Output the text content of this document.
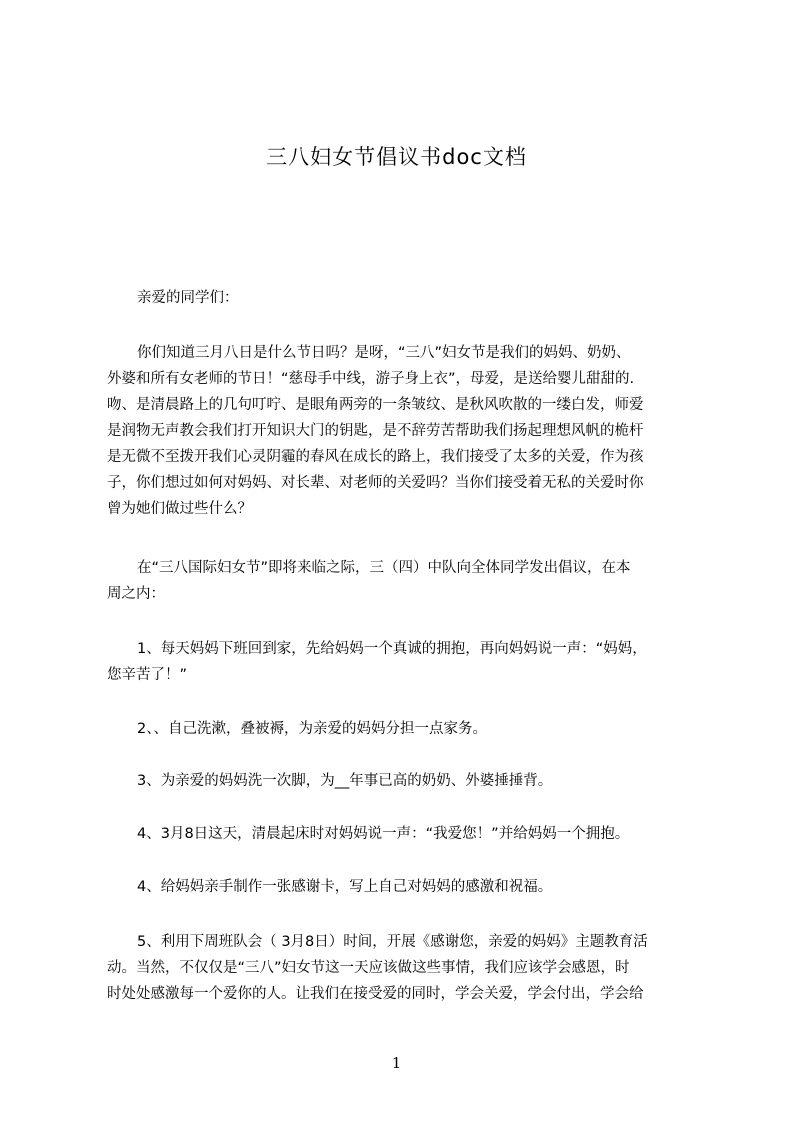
三八妇女节倡议书doc文档
亲爱的同学们：
你们知道三月八日是什么节日吗？是呀，“三八”妇女节是我们的妈妈、奶奶、
外婆和所有女老师的节日！“慈母手中线，游子身上衣”，母爱，是送给婴儿甜甜的.
吻、是清晨路上的几句叮咛、是眼角两旁的一条皱纹、是秋风吹散的一缕白发，师爱
是润物无声教会我们打开知识大门的钥匙，是不辞劳苦帮助我们扬起理想风帆的桅杆
是无微不至拨开我们心灵阴霾的春风在成长的路上，我们接受了太多的关爱，作为孩
子，你们想过如何对妈妈、对长辈、对老师的关爱吗？当你们接受着无私的关爱时你
曾为她们做过些什么？
在“三八国际妇女节”即将来临之际，三（四）中队向全体同学发出倡议，在本
周之内：
1、每天妈妈下班回到家，先给妈妈一个真诚的拥抱，再向妈妈说一声：“妈妈，
您辛苦了！”
2、、自己洗漱，叠被褥，为亲爱的妈妈分担一点家务。
3、为亲爱的妈妈洗一次脚，为__年事已高的奶奶、外婆捶捶背。
4、3月8日这天，清晨起床时对妈妈说一声：“我爱您！”并给妈妈一个拥抱。
4、给妈妈亲手制作一张感谢卡，写上自己对妈妈的感激和祝福。
5、利用下周班队会（ 3月8日）时间，开展《感谢您，亲爱的妈妈》主题教育活
动。当然，不仅仅是“三八”妇女节这一天应该做这些事情，我们应该学会感恩，时
时处处感激每一个爱你的人。让我们在接受爱的同时，学会关爱，学会付出，学会给
1
